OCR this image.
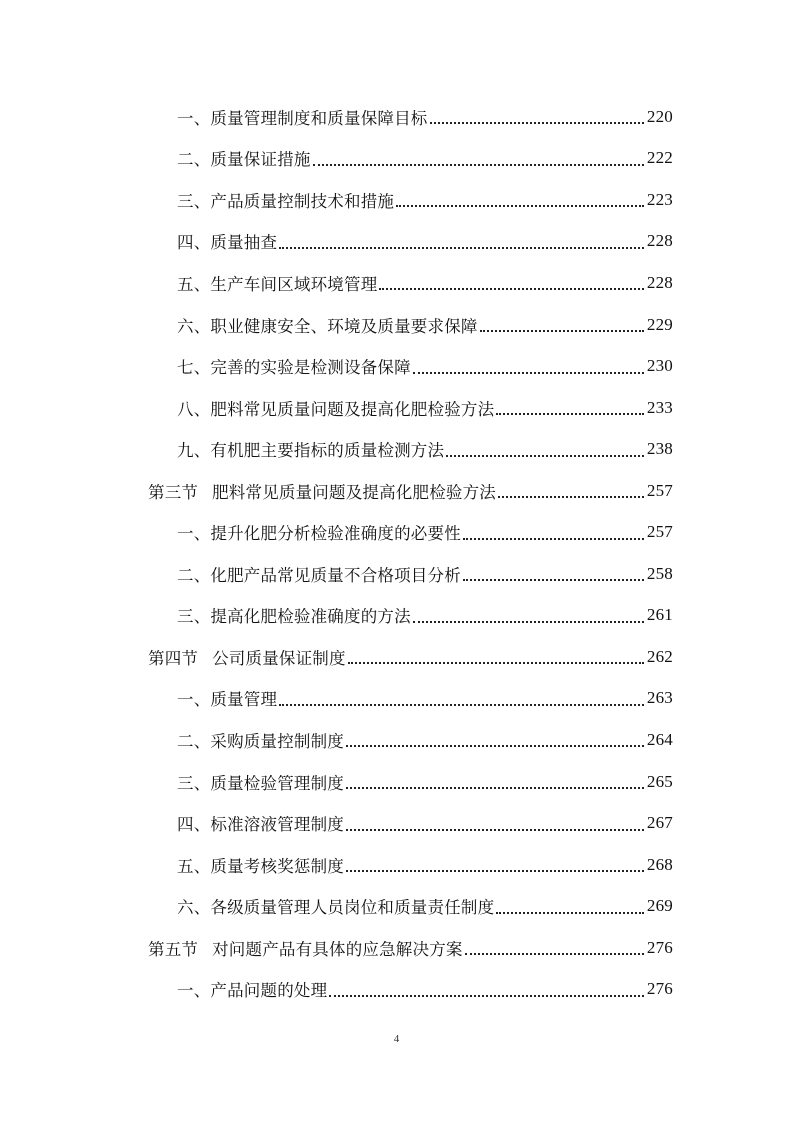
一、质量管理制度和质量保障目标	220
二、质量保证措施	222
三、产品质量控制技术和措施	223
四、质量抽查	228
五、生产车间区域环境管理	228
六、职业健康安全、环境及质量要求保障	229
七、完善的实验是检测设备保障	230
八、肥料常见质量问题及提高化肥检验方法	233
九、有机肥主要指标的质量检测方法	238
第三节 肥料常见质量问题及提高化肥检验方法	257
一、提升化肥分析检验准确度的必要性	257
二、化肥产品常见质量不合格项目分析	258
三、提高化肥检验准确度的方法	261
第四节 公司质量保证制度	262
一、质量管理	263
二、采购质量控制制度	264
三、质量检验管理制度	265
四、标准溶液管理制度	267
五、质量考核奖惩制度	268
六、各级质量管理人员岗位和质量责任制度	269
第五节 对问题产品有具体的应急解决方案	276
一、产品问题的处理	276
4
